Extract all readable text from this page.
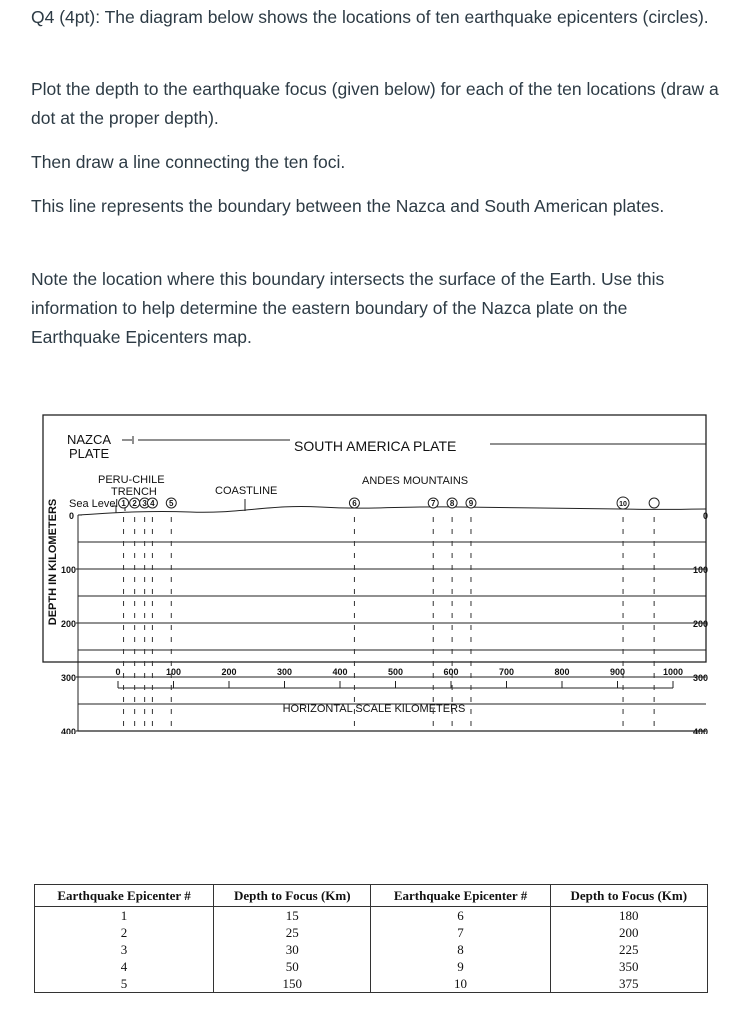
Q4 (4pt): The diagram below shows the locations of ten earthquake epicenters (circles).

Plot the depth to the earthquake focus (given below) for each of the ten locations (draw a dot at the proper depth).

Then draw a line connecting the ten foci.

This line represents the boundary between the Nazca and South American plates.

Note the location where this boundary intersects the surface of the Earth. Use this information to help determine the eastern boundary of the Nazca plate on the Earthquake Epicenters map.

NAZCA
PLATE	SOUTH AMERICA PLATE
PERU-CHILE
TRENCH	COASTLINE
ANDES MOUNTAINS
Sea Level
DEPTH IN KILOMETERS
HORIZONTAL SCALE KILOMETERS
0
100
200
300
400
0
100
200
300
400
0	100	200	300	400	500	600	700	800	900	1000
1 2 3 4 5	6	7 8 9	10
Earthquake Epicenter #	Depth to Focus (Km)	Earthquake Epicenter #	Depth to Focus (Km)
1	15	6	180
2	25	7	200
3	30	8	225
4	50	9	350
5	150	10	375
